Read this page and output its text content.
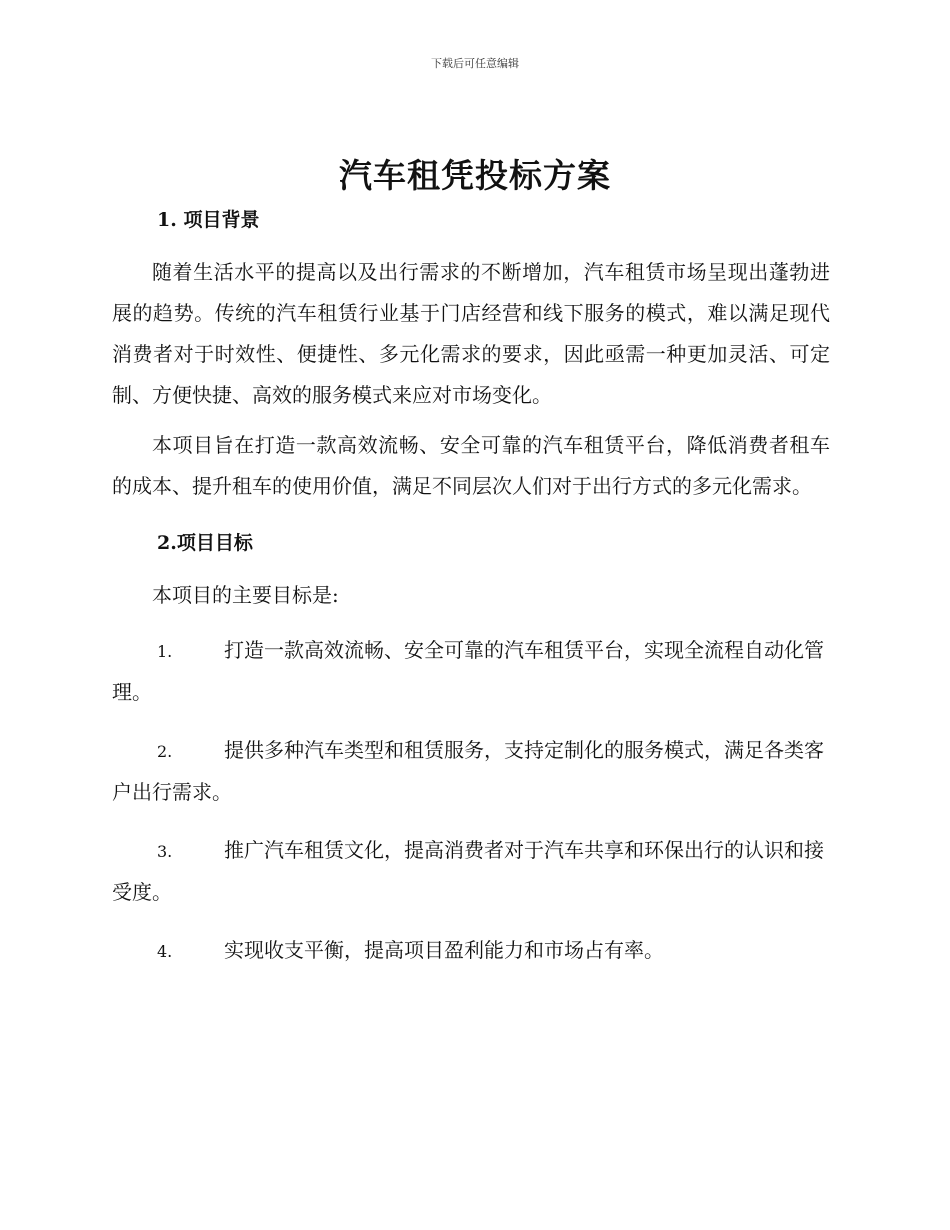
下载后可任意编辑
汽车租凭投标方案
1. 项目背景

随着生活水平的提高以及出行需求的不断增加，汽车租赁市场呈现出蓬勃进展的趋势。传统的汽车租赁行业基于门店经营和线下服务的模式，难以满足现代消费者对于时效性、便捷性、多元化需求的要求，因此亟需一种更加灵活、可定制、方便快捷、高效的服务模式来应对市场变化。

本项目旨在打造一款高效流畅、安全可靠的汽车租赁平台，降低消费者租车的成本、提升租车的使用价值，满足不同层次人们对于出行方式的多元化需求。

2.项目目标

本项目的主要目标是:

1.	打造一款高效流畅、安全可靠的汽车租赁平台，实现全流程自动化管理。
2.	提供多种汽车类型和租赁服务，支持定制化的服务模式，满足各类客户出行需求。
3.	推广汽车租赁文化，提高消费者对于汽车共享和环保出行的认识和接受度。
4.	实现收支平衡，提高项目盈利能力和市场占有率。
